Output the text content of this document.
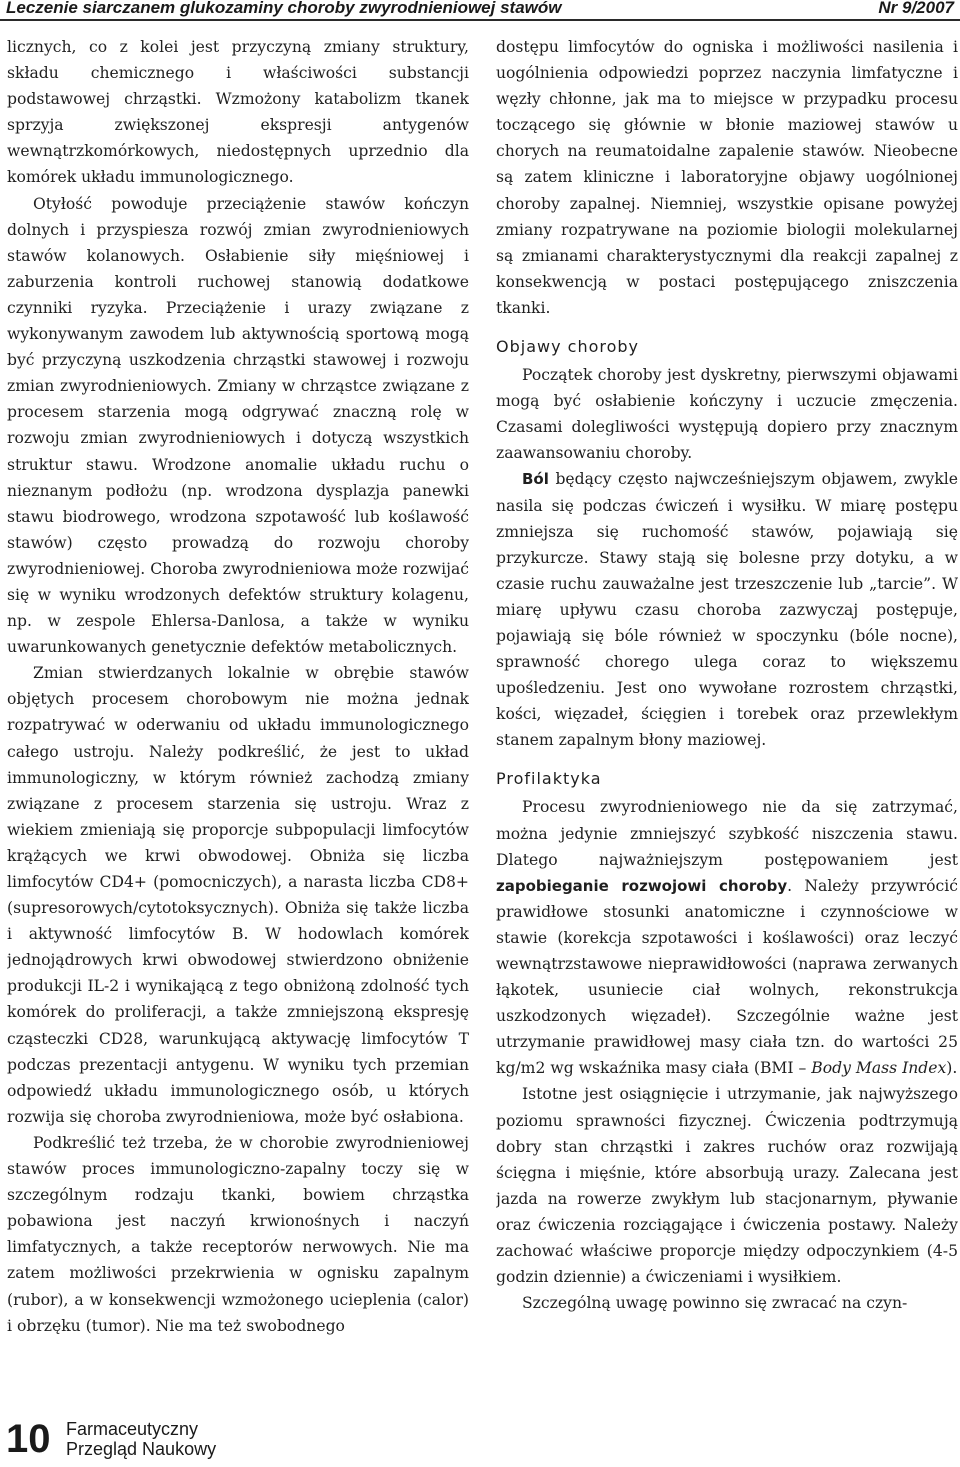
Leczenie siarczanem glukozaminy choroby zwyrodnieniowej stawów	Nr 9/2007

licznych, co z kolei jest przyczyną zmiany struktury, składu chemicznego i właściwości substancji podstawowej chrząstki. Wzmożony katabolizm tkanek sprzyja zwiększonej ekspresji antygenów wewnątrzkomórkowych, niedostępnych uprzednio dla komórek układu immunologicznego.

Otyłość powoduje przeciążenie stawów kończyn dolnych i przyspiesza rozwój zmian zwyrodnieniowych stawów kolanowych. Osłabienie siły mięśniowej i zaburzenia kontroli ruchowej stanowią dodatkowe czynniki ryzyka. Przeciążenie i urazy związane z wykonywanym zawodem lub aktywnością sportową mogą być przyczyną uszkodzenia chrząstki stawowej i rozwoju zmian zwyrodnieniowych. Zmiany w chrząstce związane z procesem starzenia mogą odgrywać znaczną rolę w rozwoju zmian zwyrodnieniowych i dotyczą wszystkich struktur stawu. Wrodzone anomalie układu ruchu o nieznanym podłożu (np. wrodzona dysplazja panewki stawu biodrowego, wrodzona szpotawość lub koślawość stawów) często prowadzą do rozwoju choroby zwyrodnieniowej. Choroba zwyrodnieniowa może rozwijać się w wyniku wrodzonych defektów struktury kolagenu, np. w zespole Ehlersa-Danlosa, a także w wyniku uwarunkowanych genetycznie defektów metabolicznych.

Zmian stwierdzanych lokalnie w obrębie stawów objętych procesem chorobowym nie można jednak rozpatrywać w oderwaniu od układu immunologicznego całego ustroju. Należy podkreślić, że jest to układ immunologiczny, w którym również zachodzą zmiany związane z procesem starzenia się ustroju. Wraz z wiekiem zmieniają się proporcje subpopulacji limfocytów krążących we krwi obwodowej. Obniża się liczba limfocytów CD4+ (pomocniczych), a narasta liczba CD8+ (supresorowych/cytotoksycznych). Obniża się także liczba i aktywność limfocytów B. W hodowlach komórek jednojądrowych krwi obwodowej stwierdzono obniżenie produkcji IL-2 i wynikającą z tego obniżoną zdolność tych komórek do proliferacji, a także zmniejszoną ekspresję cząsteczki CD28, warunkującą aktywację limfocytów T podczas prezentacji antygenu. W wyniku tych przemian odpowiedź układu immunologicznego osób, u których rozwija się choroba zwyrodnieniowa, może być osłabiona.

Podkreślić też trzeba, że w chorobie zwyrodnieniowej stawów proces immunologiczno-zapalny toczy się w szczególnym rodzaju tkanki, bowiem chrząstka pobawiona jest naczyń krwionośnych i naczyń limfatycznych, a także receptorów nerwowych. Nie ma zatem możliwości przekrwienia w ognisku zapalnym (rubor), a w konsekwencji wzmożonego ucieplenia (calor) i obrzęku (tumor). Nie ma też swobodnego

dostępu limfocytów do ogniska i możliwości nasilenia i uogólnienia odpowiedzi poprzez naczynia limfatyczne i węzły chłonne, jak ma to miejsce w przypadku procesu toczącego się głównie w błonie maziowej stawów u chorych na reumatoidalne zapalenie stawów. Nieobecne są zatem kliniczne i laboratoryjne objawy uogólnionej choroby zapalnej. Niemniej, wszystkie opisane powyżej zmiany rozpatrywane na poziomie biologii molekularnej są zmianami charakterystycznymi dla reakcji zapalnej z konsekwencją w postaci postępującego zniszczenia tkanki.

Objawy choroby

Początek choroby jest dyskretny, pierwszymi objawami mogą być osłabienie kończyny i uczucie zmęczenia. Czasami dolegliwości występują dopiero przy znacznym zaawansowaniu choroby.

Ból będący często najwcześniejszym objawem, zwykle nasila się podczas ćwiczeń i wysiłku. W miarę postępu zmniejsza się ruchomość stawów, pojawiają się przykurcze. Stawy stają się bolesne przy dotyku, a w czasie ruchu zauważalne jest trzeszczenie lub „tarcie”. W miarę upływu czasu choroba zazwyczaj postępuje, pojawiają się bóle również w spoczynku (bóle nocne), sprawność chorego ulega coraz to większemu upośledzeniu. Jest ono wywołane rozrostem chrząstki, kości, więzadeł, ścięgien i torebek oraz przewlekłym stanem zapalnym błony maziowej.

Profilaktyka

Procesu zwyrodnieniowego nie da się zatrzymać, można jedynie zmniejszyć szybkość niszczenia stawu. Dlatego najważniejszym postępowaniem jest zapobieganie rozwojowi choroby. Należy przywrócić prawidłowe stosunki anatomiczne i czynnościowe w stawie (korekcja szpotawości i koślawości) oraz leczyć wewnątrzstawowe nieprawidłowości (naprawa zerwanych łąkotek, usuniecie ciał wolnych, rekonstrukcja uszkodzonych więzadeł). Szczególnie ważne jest utrzymanie prawidłowej masy ciała tzn. do wartości 25 kg/m2 wg wskaźnika masy ciała (BMI – Body Mass Index).

Istotne jest osiągnięcie i utrzymanie, jak najwyższego poziomu sprawności fizycznej. Ćwiczenia podtrzymują dobry stan chrząstki i zakres ruchów oraz rozwijają ścięgna i mięśnie, które absorbują urazy. Zalecana jest jazda na rowerze zwykłym lub stacjonarnym, pływanie oraz ćwiczenia rozciągające i ćwiczenia postawy. Należy zachować właściwe proporcje między odpoczynkiem (4-5 godzin dziennie) a ćwiczeniami i wysiłkiem.

Szczególną uwagę powinno się zwracać na czyn-

10 Farmaceutyczny
Przegląd Naukowy
